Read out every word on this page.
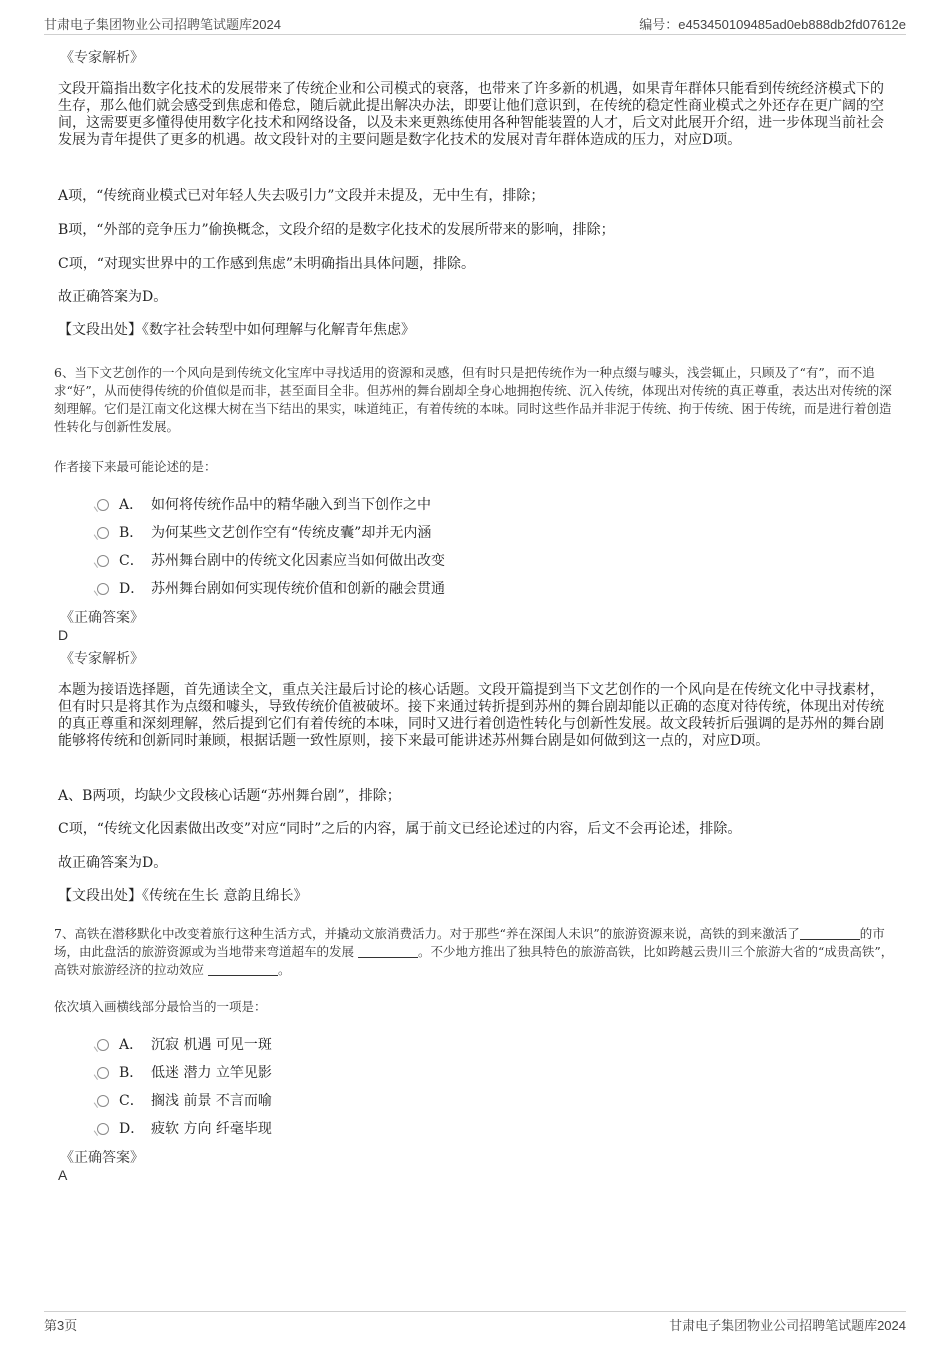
甘肃电子集团物业公司招聘笔试题库2024	编号：e453450109485ad0eb888db2fd07612e
《专家解析》

文段开篇指出数字化技术的发展带来了传统企业和公司模式的衰落，也带来了许多新的机遇，如果青年群体只能看到传统经济模式下的生存，那么他们就会感受到焦虑和倦怠，随后就此提出解决办法，即要让他们意识到，在传统的稳定性商业模式之外还存在更广阔的空间，这需要更多懂得使用数字化技术和网络设备，以及未来更熟练使用各种智能装置的人才，后文对此展开介绍，进一步体现当前社会发展为青年提供了更多的机遇。故文段针对的主要问题是数字化技术的发展对青年群体造成的压力，对应D项。

A项，“传统商业模式已对年轻人失去吸引力”文段并未提及，无中生有，排除；

B项，“外部的竞争压力”偷换概念，文段介绍的是数字化技术的发展所带来的影响，排除；

C项，“对现实世界中的工作感到焦虑”未明确指出具体问题，排除。

故正确答案为D。

【文段出处】《数字社会转型中如何理解与化解青年焦虑》

6、当下文艺创作的一个风向是到传统文化宝库中寻找适用的资源和灵感，但有时只是把传统作为一种点缀与噱头，浅尝辄止，只顾及了“有”，而不追求“好”，从而使得传统的价值似是而非，甚至面目全非。但苏州的舞台剧却全身心地拥抱传统、沉入传统，体现出对传统的真正尊重，表达出对传统的深刻理解。它们是江南文化这棵大树在当下结出的果实，味道纯正，有着传统的本味。同时这些作品并非泥于传统、拘于传统、困于传统，而是进行着创造性转化与创新性发展。

作者接下来最可能论述的是：

A． 如何将传统作品中的精华融入到当下创作之中
B． 为何某些文艺创作空有“传统皮囊”却并无内涵
C． 苏州舞台剧中的传统文化因素应当如何做出改变
D． 苏州舞台剧如何实现传统价值和创新的融会贯通
《正确答案》
D
《专家解析》

本题为接语选择题，首先通读全文，重点关注最后讨论的核心话题。文段开篇提到当下文艺创作的一个风向是在传统文化中寻找素材，但有时只是将其作为点缀和噱头，导致传统价值被破坏。接下来通过转折提到苏州的舞台剧却能以正确的态度对待传统，体现出对传统的真正尊重和深刻理解，然后提到它们有着传统的本味，同时又进行着创造性转化与创新性发展。故文段转折后强调的是苏州的舞台剧能够将传统和创新同时兼顾，根据话题一致性原则，接下来最可能讲述苏州舞台剧是如何做到这一点的，对应D项。

A、B两项，均缺少文段核心话题“苏州舞台剧”，排除；

C项，“传统文化因素做出改变”对应“同时”之后的内容，属于前文已经论述过的内容，后文不会再论述，排除。

故正确答案为D。

【文段出处】《传统在生长 意韵且绵长》

7、高铁在潜移默化中改变着旅行这种生活方式，并撬动文旅消费活力。对于那些“养在深闺人未识”的旅游资源来说，高铁的到来激活了	的市场，由此盘活的旅游资源或为当地带来弯道超车的发展	。不少地方推出了独具特色的旅游高铁，比如跨越云贵川三个旅游大省的“成贵高铁”，高铁对旅游经济的拉动效应	。

依次填入画横线部分最恰当的一项是：

A． 沉寂 机遇 可见一斑
B． 低迷 潜力 立竿见影
C． 搁浅 前景 不言而喻
D． 疲软 方向 纤毫毕现
《正确答案》
A
第3页	甘肃电子集团物业公司招聘笔试题库2024
